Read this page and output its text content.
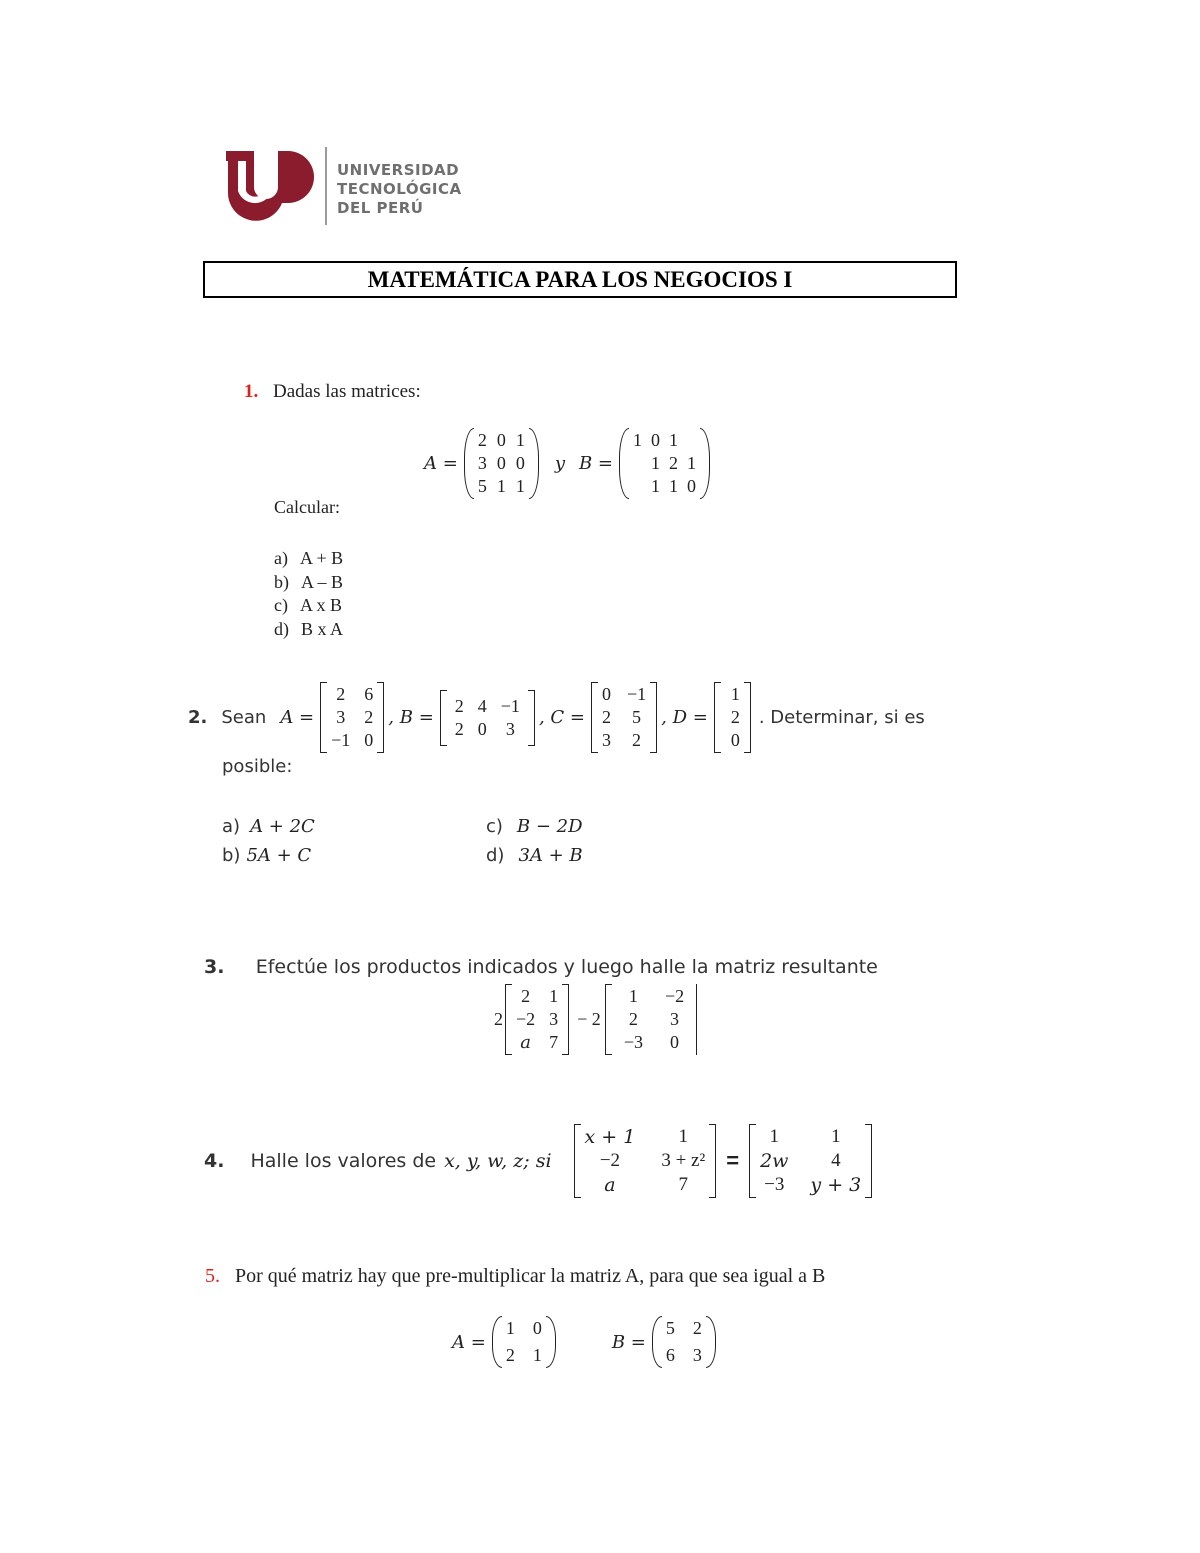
UNIVERSIDAD
TECNOLÓGICA
DEL PERÚ
MATEMÁTICA PARA LOS NEGOCIOS I
1. Dadas las matrices:
A =
2 0 1
3 0 0
5 1 1
y B =
1 0 1
1 2 1
1 1 0
Calcular:
a) A + B
b) A – B
c) A x B
d) B x A
2. Sean A =
2 6
3 2
−1 0
, B =
2 4 −1
2 0 3
, C =
0 −1
2 5
3 2
, D =
1
2
0
. Determinar, si es
posible:
a) A + 2C
b) 5A + C
c) B − 2D
d) 3A + B
3. Efectúe los productos indicados y luego halle la matriz resultante
2
2 1
−2 3
a 7
− 2
1 −2
2 3
−3 0
4. Halle los valores de x, y, w, z; si
x + 1	1
−2	3 + z²
a	7
=
1	1
2w	4
−3 y + 3
5. Por qué matriz hay que pre-multiplicar la matriz A, para que sea igual a B
A =
1 0
2 1
B =
5 2
6 3
